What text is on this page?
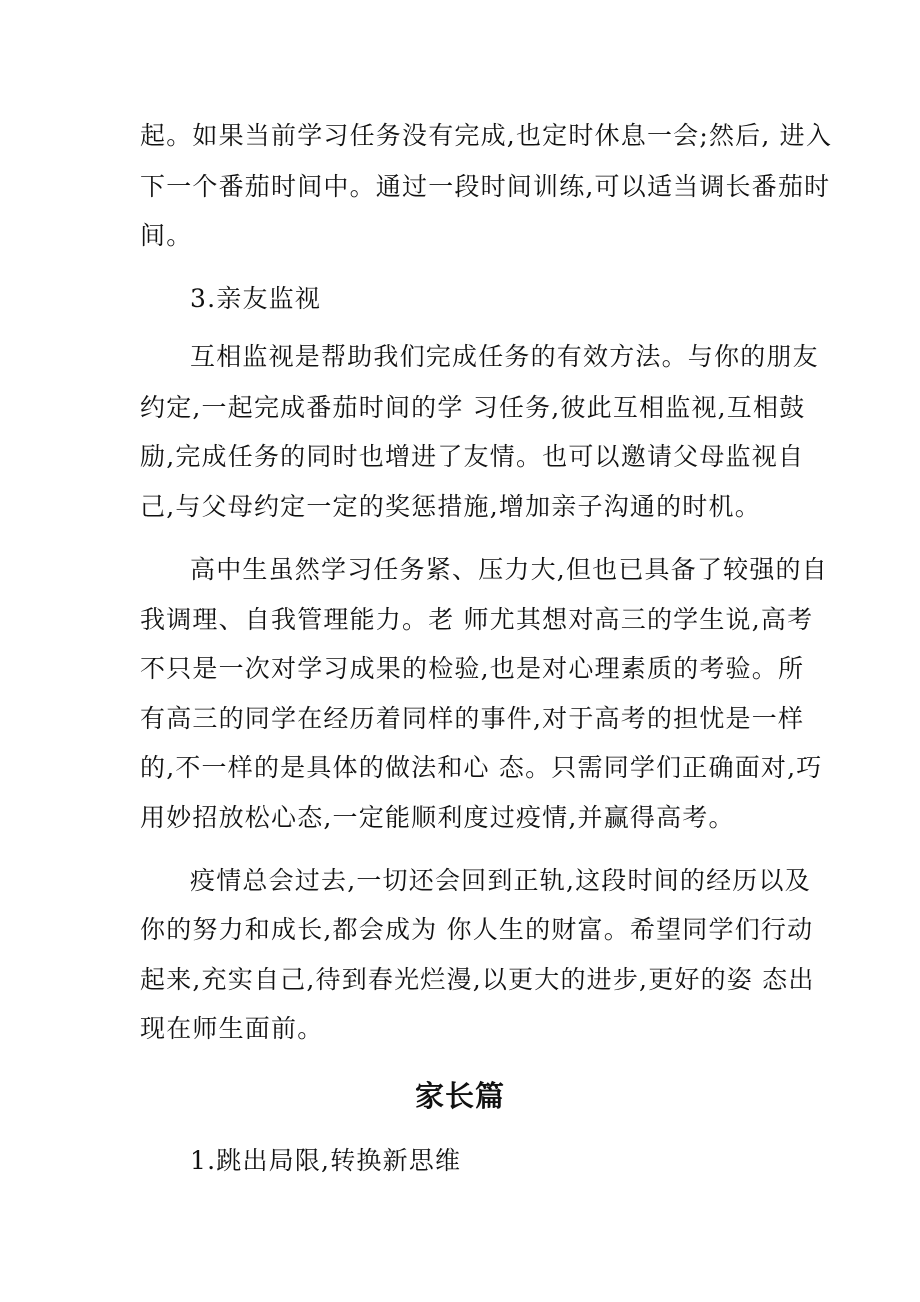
起。如果当前学习任务没有完成,也定时休息一会;然后, 进入
下一个番茄时间中。通过一段时间训练,可以适当调长番茄时
间。
3.亲友监视
互相监视是帮助我们完成任务的有效方法。与你的朋友
约定,一起完成番茄时间的学 习任务,彼此互相监视,互相鼓
励,完成任务的同时也增进了友情。也可以邀请父母监视自
己,与父母约定一定的奖惩措施,增加亲子沟通的时机。
高中生虽然学习任务紧、压力大,但也已具备了较强的自
我调理、自我管理能力。老 师尤其想对高三的学生说,高考
不只是一次对学习成果的检验,也是对心理素质的考验。所
有高三的同学在经历着同样的事件,对于高考的担忧是一样
的,不一样的是具体的做法和心 态。只需同学们正确面对,巧
用妙招放松心态,一定能顺利度过疫情,并赢得高考。
疫情总会过去,一切还会回到正轨,这段时间的经历以及
你的努力和成长,都会成为 你人生的财富。希望同学们行动
起来,充实自己,待到春光烂漫,以更大的进步,更好的姿 态出
现在师生面前。
家长篇
1.跳出局限,转换新思维
